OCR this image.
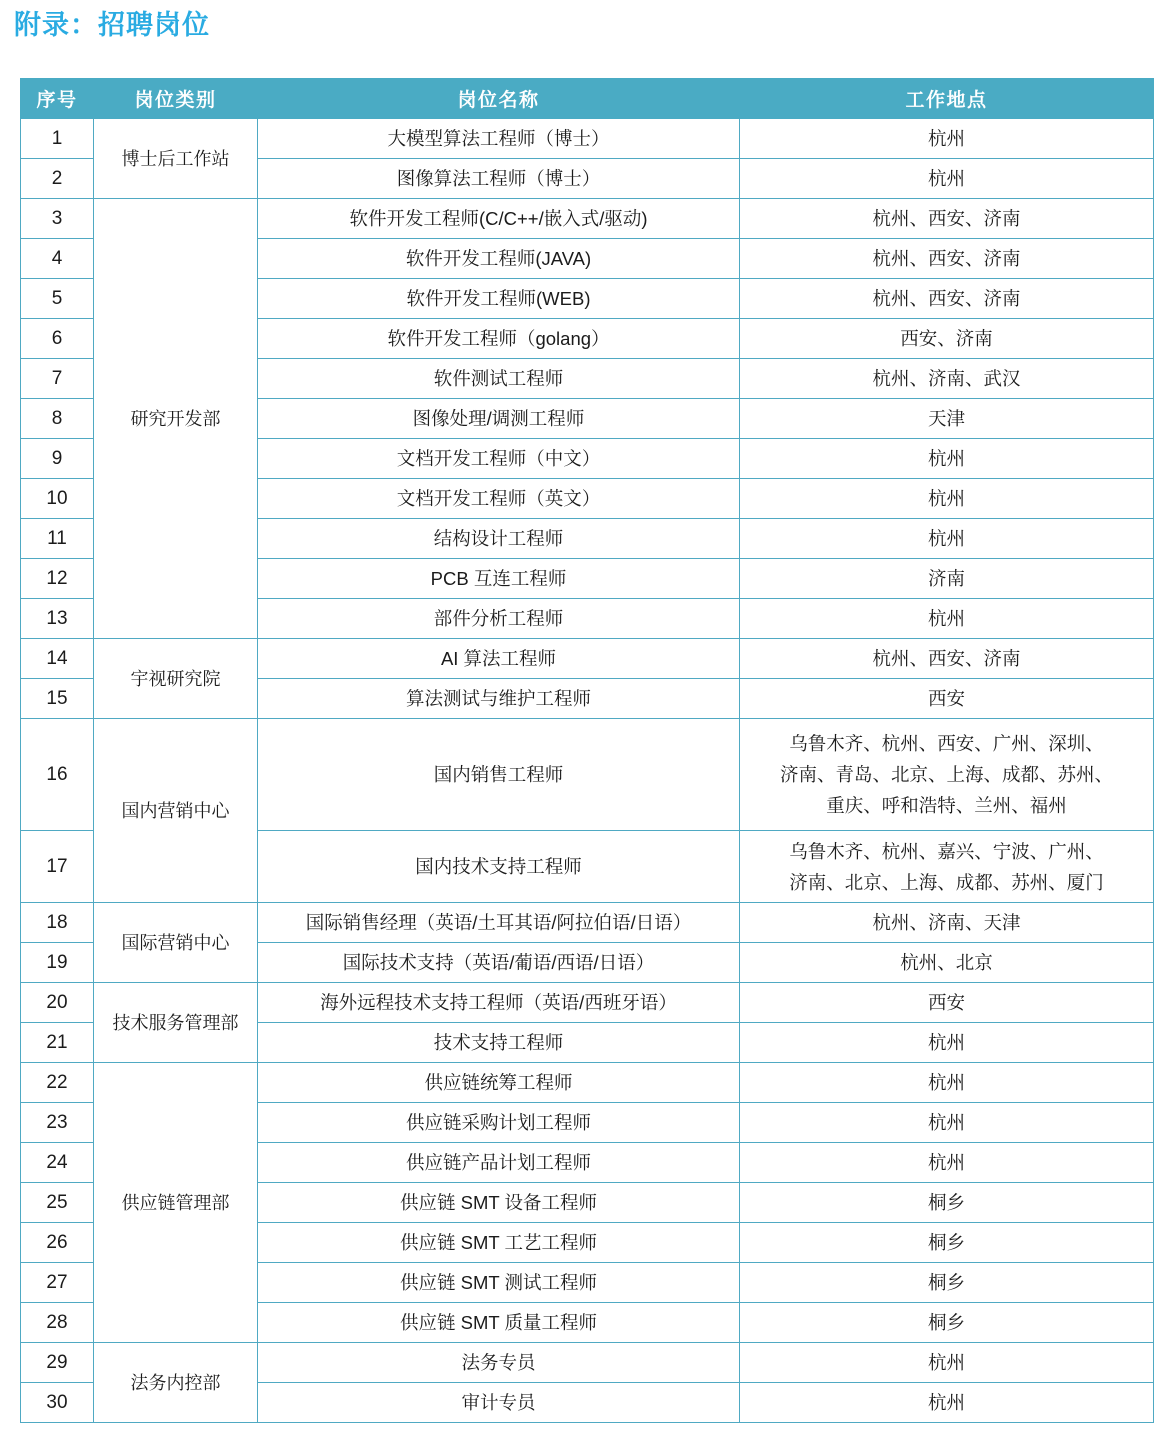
附录：招聘岗位
序号	岗位类别	岗位名称	工作地点
1	博士后工作站	大模型算法工程师（博士）	杭州
2		图像算法工程师（博士）	杭州
3	研究开发部	软件开发工程师(C/C++/嵌入式/驱动)	杭州、西安、济南
4		软件开发工程师(JAVA)	杭州、西安、济南
5		软件开发工程师(WEB)	杭州、西安、济南
6		软件开发工程师（golang）	西安、济南
7		软件测试工程师	杭州、济南、武汉
8		图像处理/调测工程师	天津
9		文档开发工程师（中文）	杭州
10		文档开发工程师（英文）	杭州
11		结构设计工程师	杭州
12		PCB 互连工程师	济南
13		部件分析工程师	杭州
14	宇视研究院	AI 算法工程师	杭州、西安、济南
15		算法测试与维护工程师	西安
16	国内营销中心	国内销售工程师	乌鲁木齐、杭州、西安、广州、深圳、
济南、青岛、北京、上海、成都、苏州、
重庆、呼和浩特、兰州、福州

17		国内技术支持工程师	乌鲁木齐、杭州、嘉兴、宁波、广州、
济南、北京、上海、成都、苏州、厦门

18	国际营销中心	国际销售经理（英语/土耳其语/阿拉伯语/日语）	杭州、济南、天津
19		国际技术支持（英语/葡语/西语/日语）	杭州、北京
20	技术服务管理部	海外远程技术支持工程师（英语/西班牙语）	西安
21		技术支持工程师	杭州
22	供应链管理部	供应链统筹工程师	杭州
23		供应链采购计划工程师	杭州
24		供应链产品计划工程师	杭州
25		供应链 SMT 设备工程师	桐乡
26		供应链 SMT 工艺工程师	桐乡
27		供应链 SMT 测试工程师	桐乡
28		供应链 SMT 质量工程师	桐乡
29	法务内控部	法务专员	杭州
30		审计专员	杭州
